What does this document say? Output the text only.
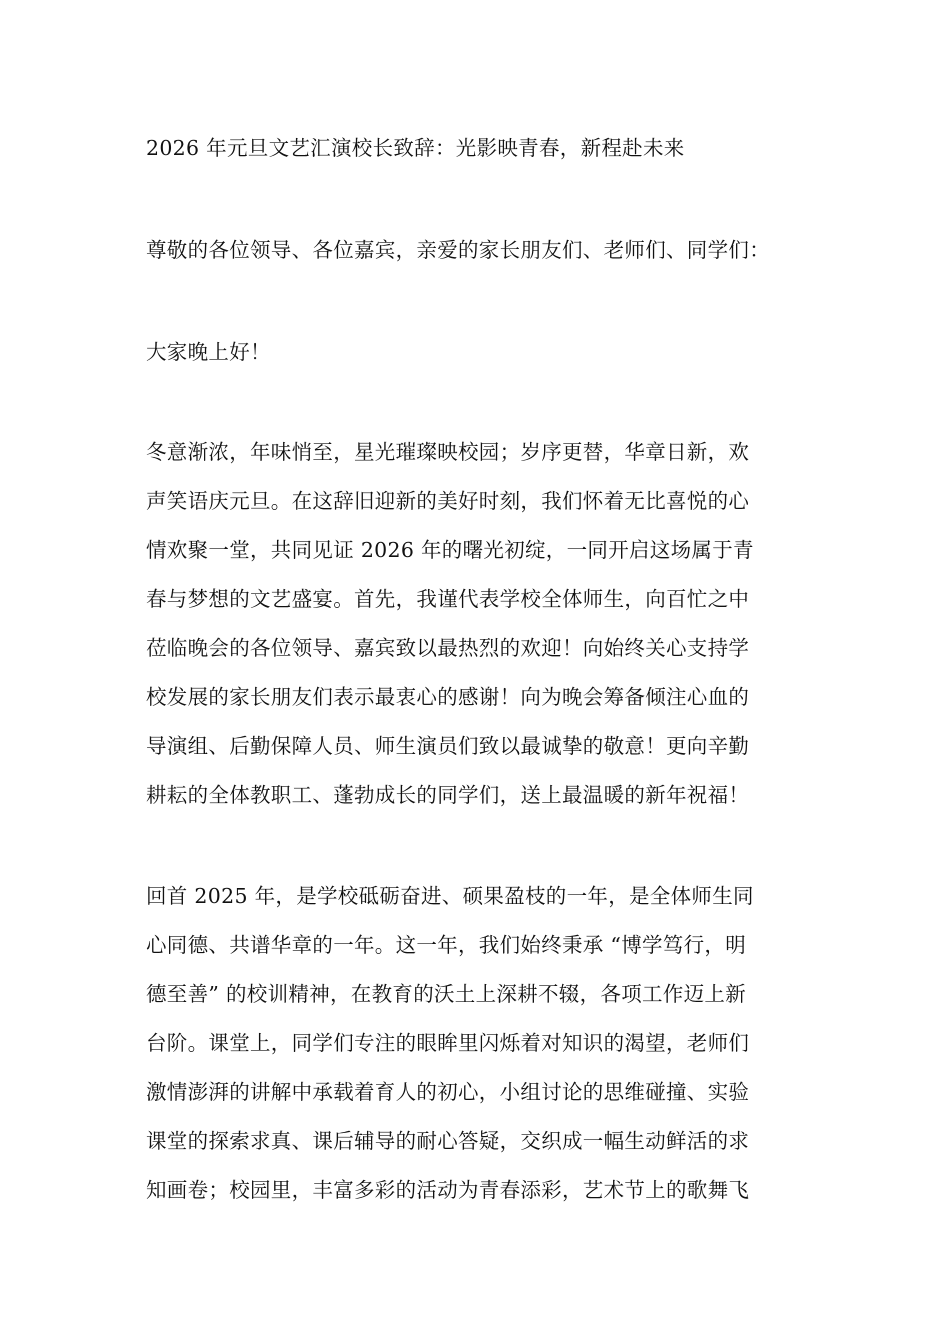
2026 年元旦文艺汇演校长致辞：光影映青春，新程赴未来
尊敬的各位领导、各位嘉宾，亲爱的家长朋友们、老师们、同学们：
大家晚上好！
冬意渐浓，年味悄至，星光璀璨映校园；岁序更替，华章日新，欢
声笑语庆元旦。在这辞旧迎新的美好时刻，我们怀着无比喜悦的心
情欢聚一堂，共同见证 2026 年的曙光初绽，一同开启这场属于青
春与梦想的文艺盛宴。首先，我谨代表学校全体师生，向百忙之中
莅临晚会的各位领导、嘉宾致以最热烈的欢迎！向始终关心支持学
校发展的家长朋友们表示最衷心的感谢！向为晚会筹备倾注心血的
导演组、后勤保障人员、师生演员们致以最诚挚的敬意！更向辛勤
耕耘的全体教职工、蓬勃成长的同学们，送上最温暖的新年祝福！
回首 2025 年，是学校砥砺奋进、硕果盈枝的一年，是全体师生同
心同德、共谱华章的一年。这一年，我们始终秉承 “博学笃行，明
德至善” 的校训精神，在教育的沃土上深耕不辍，各项工作迈上新
台阶。课堂上，同学们专注的眼眸里闪烁着对知识的渴望，老师们
激情澎湃的讲解中承载着育人的初心，小组讨论的思维碰撞、实验
课堂的探索求真、课后辅导的耐心答疑，交织成一幅生动鲜活的求
知画卷；校园里，丰富多彩的活动为青春添彩，艺术节上的歌舞飞
